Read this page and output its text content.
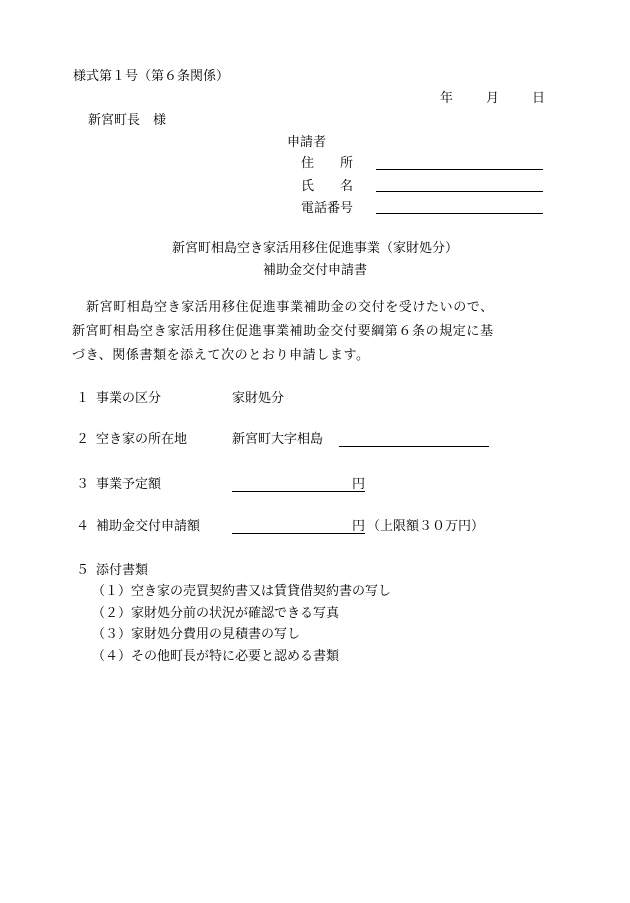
様式第１号（第６条関係）
年	月	日
新宮町長　様
申請者
住　　所
氏　　名
電話番号
新宮町相島空き家活用移住促進事業（家財処分）
補助金交付申請書
新宮町相島空き家活用移住促進事業補助金の交付を受けたいので、
新宮町相島空き家活用移住促進事業補助金交付要綱第６条の規定に基
づき、関係書類を添えて次のとおり申請します。
１ 事業の区分	家財処分
２ 空き家の所在地	新宮町大字相島
３ 事業予定額	円
４ 補助金交付申請額	円 （上限額３０万円）
５ 添付書類
（１）空き家の売買契約書又は賃貸借契約書の写し
（２）家財処分前の状況が確認できる写真
（３）家財処分費用の見積書の写し
（４）その他町長が特に必要と認める書類
